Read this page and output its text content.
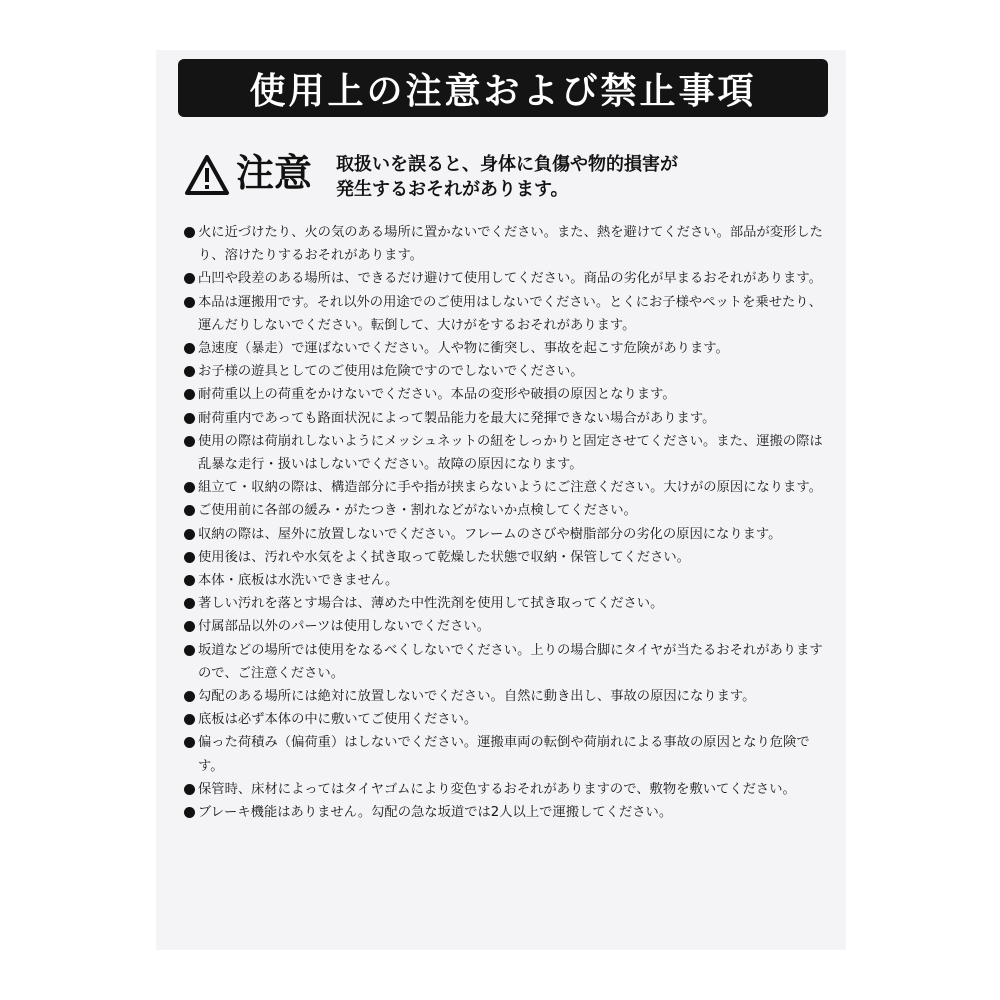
使用上の注意および禁止事項
注意 取扱いを誤ると、身体に負傷や物的損害が
発生するおそれがあります。
火に近づけたり、火の気のある場所に置かないでください。また、熱を避けてください。部品が変形したり、溶けたりするおそれがあります。
凸凹や段差のある場所は、できるだけ避けて使用してください。商品の劣化が早まるおそれがあります。
本品は運搬用です。それ以外の用途でのご使用はしないでください。とくにお子様やペットを乗せたり、運んだりしないでください。転倒して、大けがをするおそれがあります。
急速度（暴走）で運ばないでください。人や物に衝突し、事故を起こす危険があります。
お子様の遊具としてのご使用は危険ですのでしないでください。
耐荷重以上の荷重をかけないでください。本品の変形や破損の原因となります。
耐荷重内であっても路面状況によって製品能力を最大に発揮できない場合があります。
使用の際は荷崩れしないようにメッシュネットの紐をしっかりと固定させてください。また、運搬の際は乱暴な走行・扱いはしないでください。故障の原因になります。
組立て・収納の際は、構造部分に手や指が挟まらないようにご注意ください。大けがの原因になります。
ご使用前に各部の緩み・がたつき・割れなどがないか点検してください。
収納の際は、屋外に放置しないでください。フレームのさびや樹脂部分の劣化の原因になります。
使用後は、汚れや水気をよく拭き取って乾燥した状態で収納・保管してください。
本体・底板は水洗いできません。
著しい汚れを落とす場合は、薄めた中性洗剤を使用して拭き取ってください。
付属部品以外のパーツは使用しないでください。
坂道などの場所では使用をなるべくしないでください。上りの場合脚にタイヤが当たるおそれがありますので、ご注意ください。
勾配のある場所には絶対に放置しないでください。自然に動き出し、事故の原因になります。
底板は必ず本体の中に敷いてご使用ください。
偏った荷積み（偏荷重）はしないでください。運搬車両の転倒や荷崩れによる事故の原因となり危険です。
保管時、床材によってはタイヤゴムにより変色するおそれがありますので、敷物を敷いてください。
ブレーキ機能はありません。勾配の急な坂道では2人以上で運搬してください。
